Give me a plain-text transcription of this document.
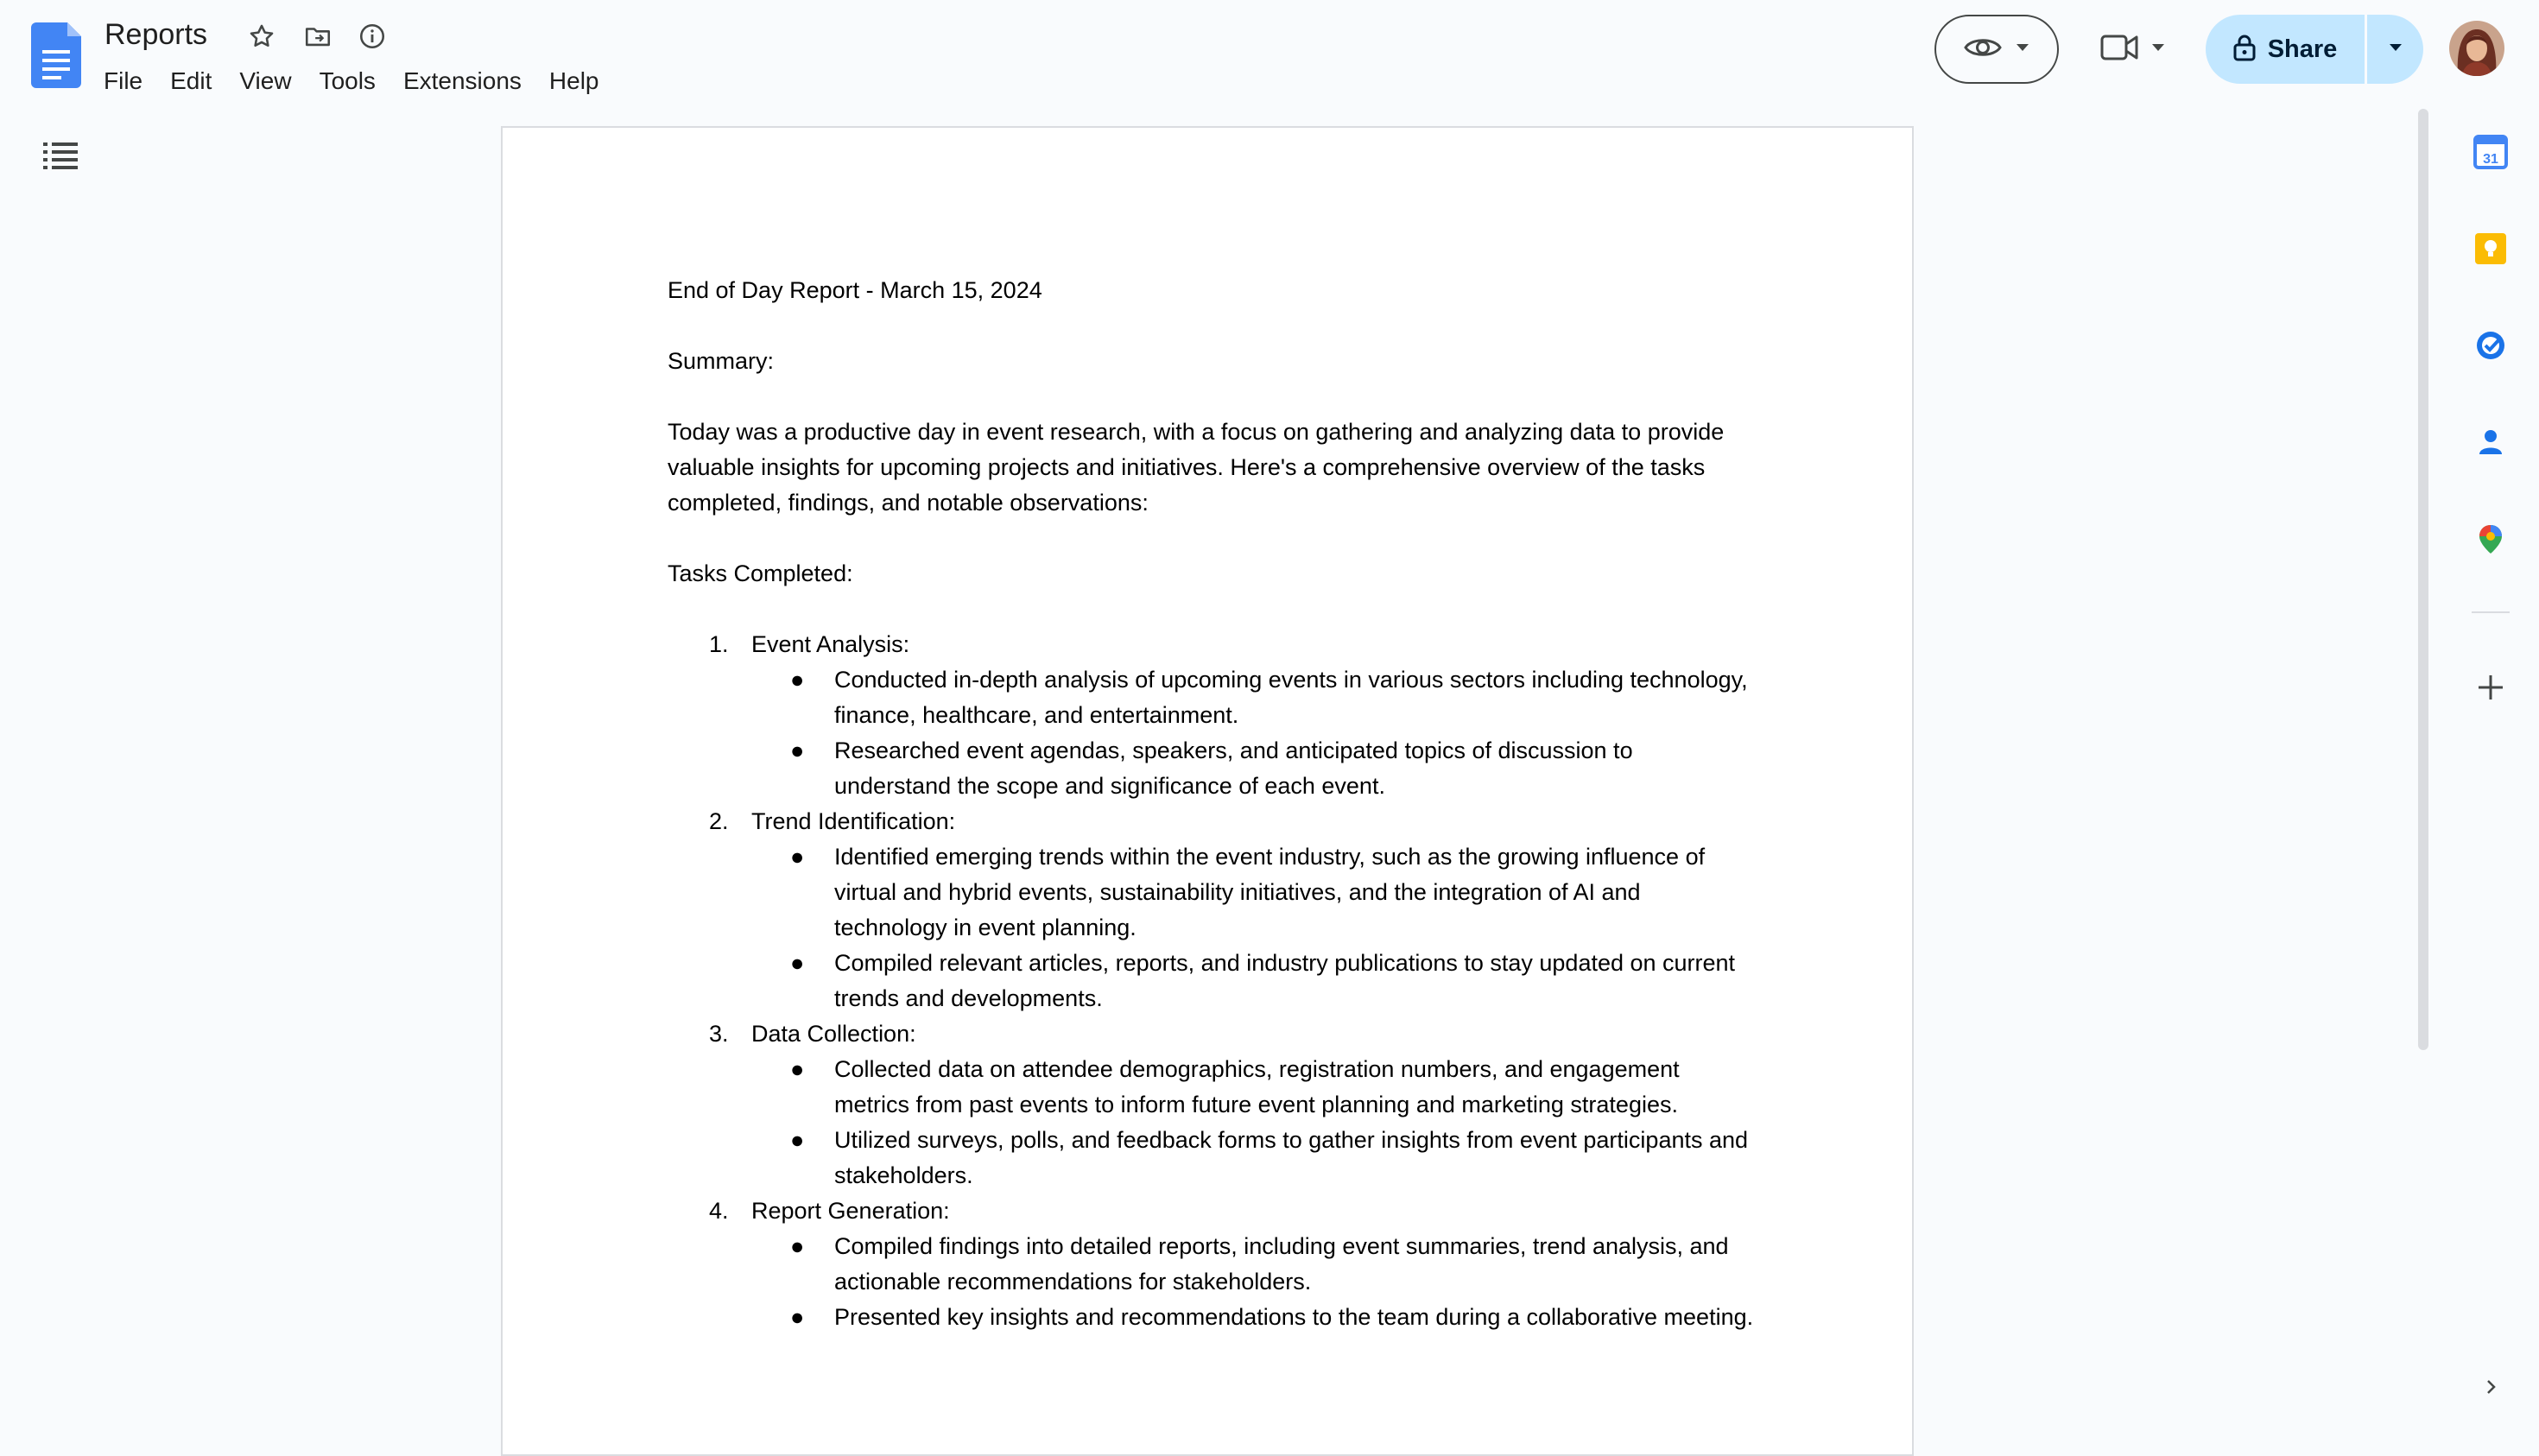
Reports
File	Edit	View	Tools	Extensions	Help
Share

End of Day Report - March 15, 2024

Summary:

Today was a productive day in event research, with a focus on gathering and analyzing data to provide valuable insights for upcoming projects and initiatives. Here's a comprehensive overview of the tasks completed, findings, and notable observations:

Tasks Completed:

1. Event Analysis:
● Conducted in-depth analysis of upcoming events in various sectors including technology, finance, healthcare, and entertainment.
● Researched event agendas, speakers, and anticipated topics of discussion to understand the scope and significance of each event.
2. Trend Identification:
● Identified emerging trends within the event industry, such as the growing influence of virtual and hybrid events, sustainability initiatives, and the integration of AI and technology in event planning.
● Compiled relevant articles, reports, and industry publications to stay updated on current trends and developments.
3. Data Collection:
● Collected data on attendee demographics, registration numbers, and engagement metrics from past events to inform future event planning and marketing strategies.
● Utilized surveys, polls, and feedback forms to gather insights from event participants and stakeholders.
4. Report Generation:
● Compiled findings into detailed reports, including event summaries, trend analysis, and actionable recommendations for stakeholders.
● Presented key insights and recommendations to the team during a collaborative meeting.
31
